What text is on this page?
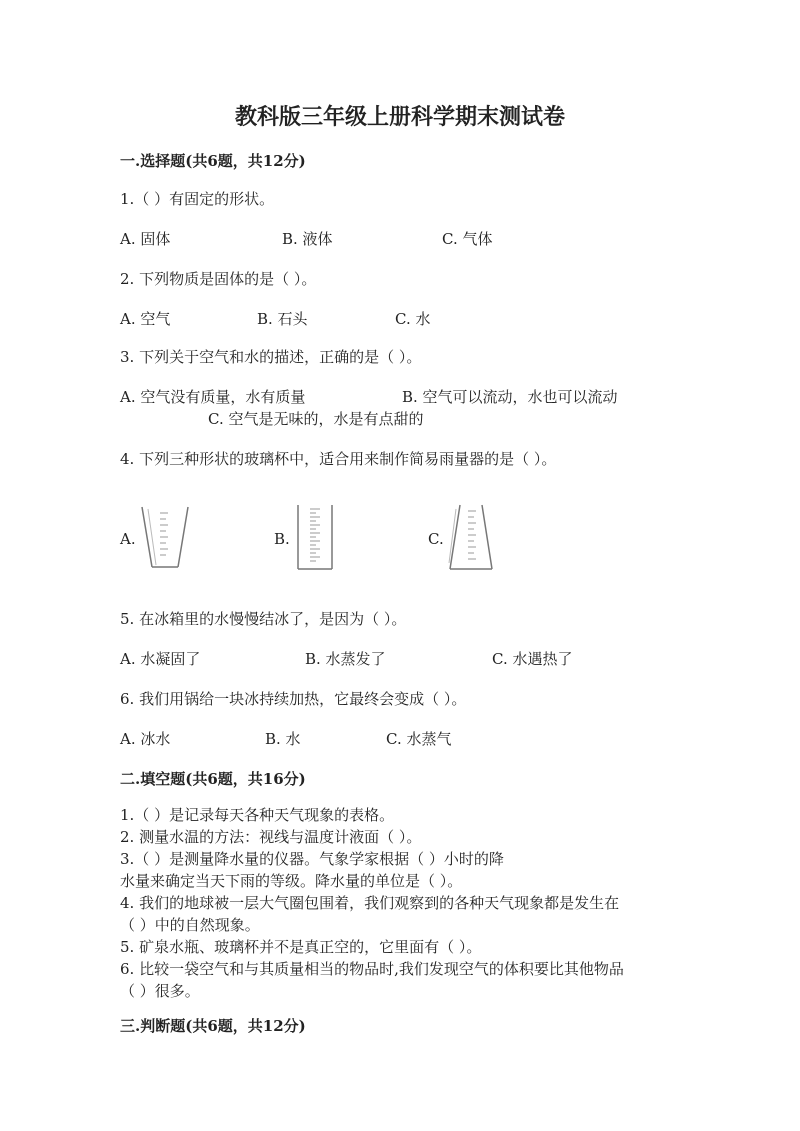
教科版三年级上册科学期末测试卷
一.选择题(共6题，共12分)
1.（ ）有固定的形状。
A. 固体	B. 液体	C. 气体
2. 下列物质是固体的是（ ）。
A. 空气	B. 石头	C. 水
3. 下列关于空气和水的描述，正确的是（ ）。
A. 空气没有质量，水有质量	B. 空气可以流动，水也可以流动
C. 空气是无味的，水是有点甜的
4. 下列三种形状的玻璃杯中，适合用来制作简易雨量器的是（ ）。
A.	B.	C.
5. 在冰箱里的水慢慢结冰了，是因为（ ）。
A. 水凝固了	B. 水蒸发了	C. 水遇热了
6. 我们用锅给一块冰持续加热，它最终会变成（ ）。
A. 冰水	B. 水	C. 水蒸气
二.填空题(共6题，共16分)
1.（ ）是记录每天各种天气现象的表格。
2. 测量水温的方法：视线与温度计液面（ ）。
3.（ ）是测量降水量的仪器。气象学家根据（ ）小时的降
水量来确定当天下雨的等级。降水量的单位是（ ）。
4. 我们的地球被一层大气圈包围着，我们观察到的各种天气现象都是发生在
（ ）中的自然现象。
5. 矿泉水瓶、玻璃杯并不是真正空的，它里面有（ ）。
6. 比较一袋空气和与其质量相当的物品时,我们发现空气的体积要比其他物品
（ ）很多。
三.判断题(共6题，共12分)
